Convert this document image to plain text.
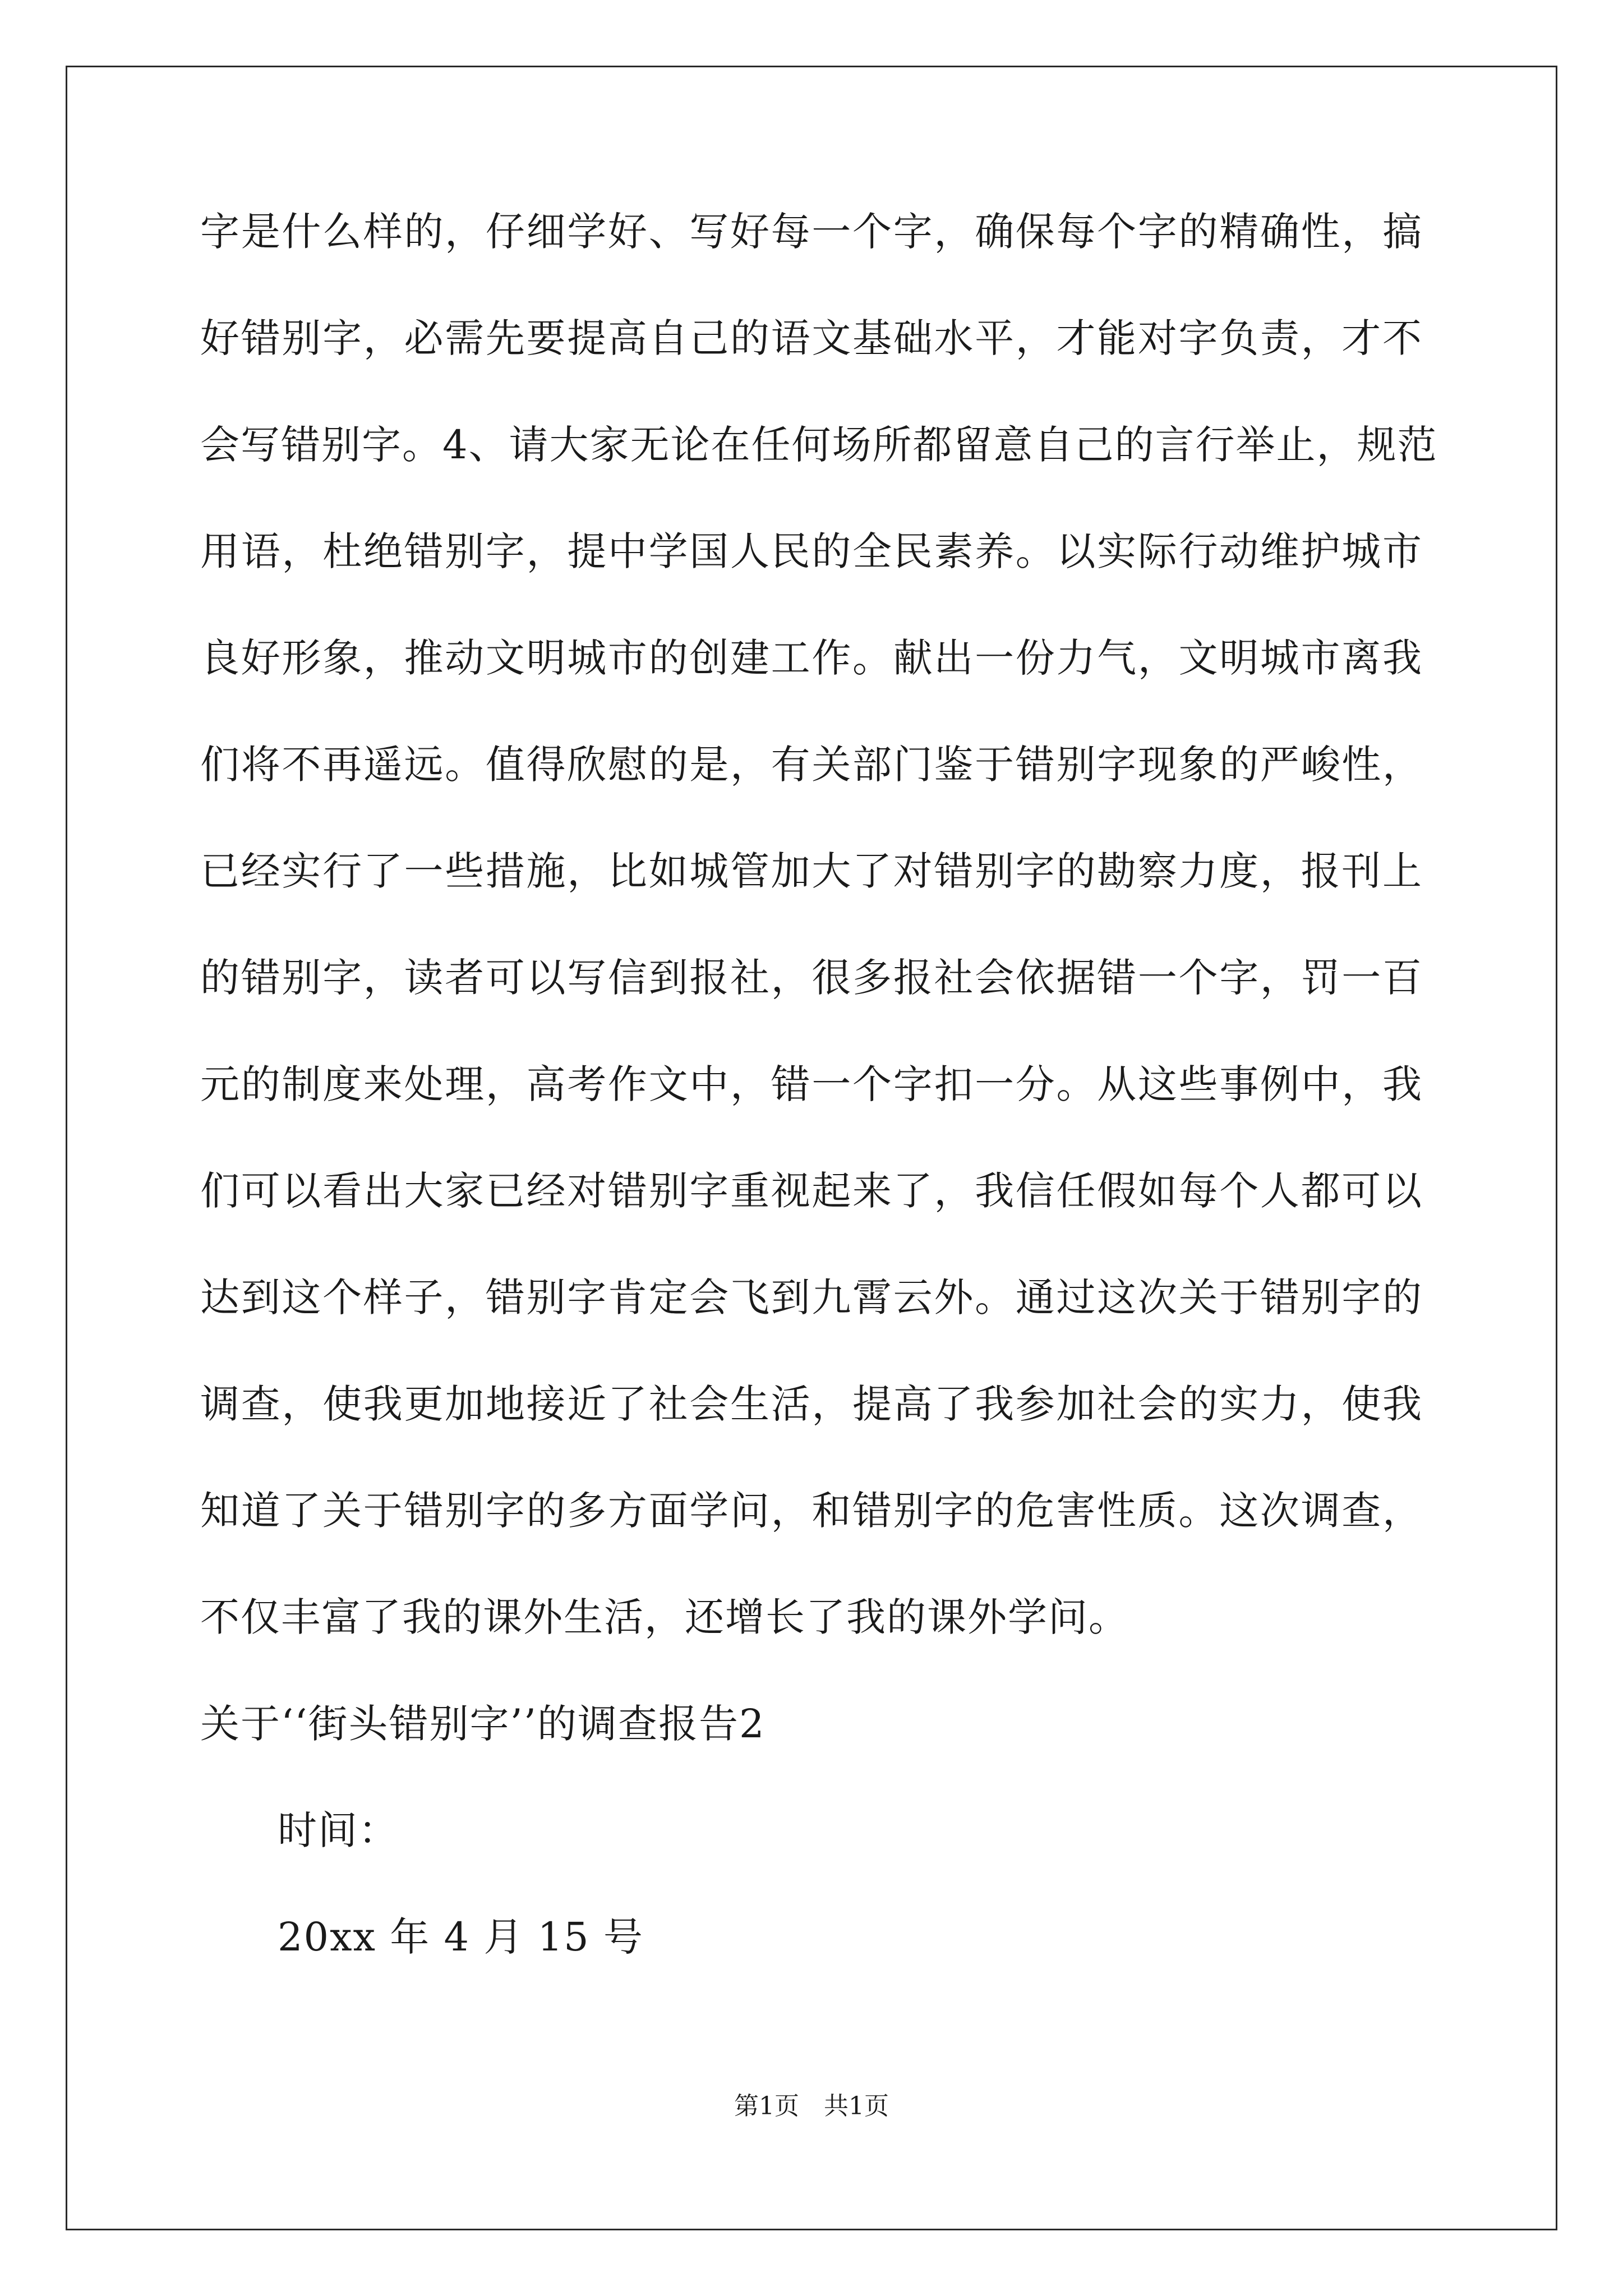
字是什么样的，仔细学好、写好每一个字，确保每个字的精确性，搞
好错别字，必需先要提高自己的语文基础水平，才能对字负责，才不
会写错别字。4、请大家无论在任何场所都留意自己的言行举止，规范
用语，杜绝错别字，提中学国人民的全民素养。以实际行动维护城市
良好形象，推动文明城市的创建工作。献出一份力气，文明城市离我
们将不再遥远。值得欣慰的是，有关部门鉴于错别字现象的严峻性，
已经实行了一些措施，比如城管加大了对错别字的勘察力度，报刊上
的错别字，读者可以写信到报社，很多报社会依据错一个字，罚一百
元的制度来处理，高考作文中，错一个字扣一分。从这些事例中，我
们可以看出大家已经对错别字重视起来了，我信任假如每个人都可以
达到这个样子，错别字肯定会飞到九霄云外。通过这次关于错别字的
调查，使我更加地接近了社会生活，提高了我参加社会的实力，使我
知道了关于错别字的多方面学问，和错别字的危害性质。这次调查，
不仅丰富了我的课外生活，还增长了我的课外学问。
关于‘‘街头错别字’’的调查报告2
时间：
20xx 年 4 月 15 号
第1页　共1页
